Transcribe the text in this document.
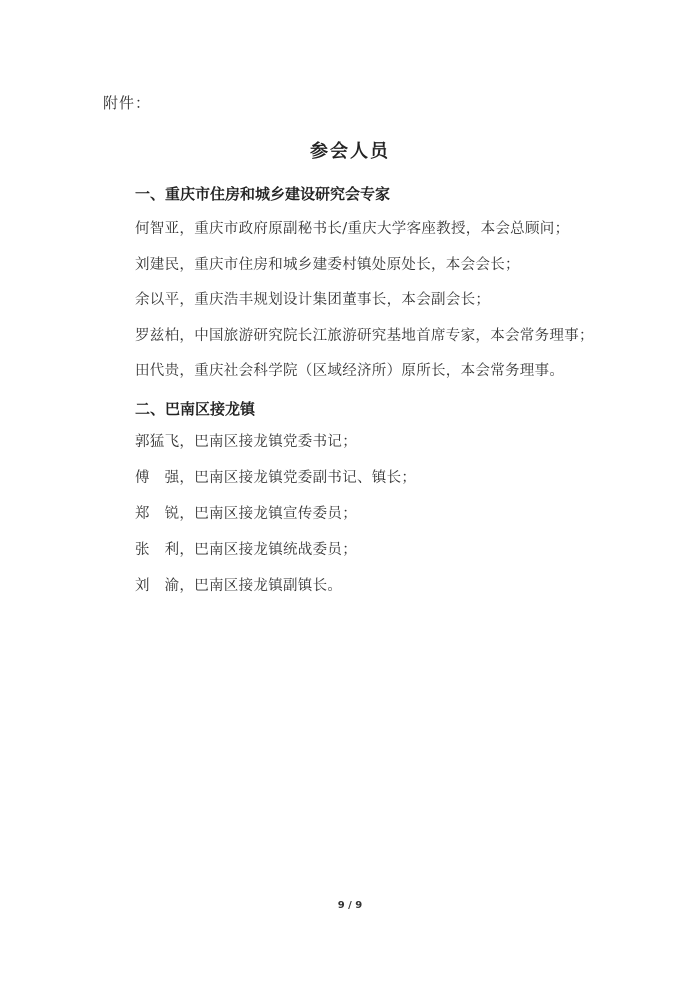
附件：
参会人员
一、重庆市住房和城乡建设研究会专家
何智亚，重庆市政府原副秘书长/重庆大学客座教授，本会总顾问；
刘建民，重庆市住房和城乡建委村镇处原处长，本会会长；
余以平，重庆浩丰规划设计集团董事长，本会副会长；
罗兹柏，中国旅游研究院长江旅游研究基地首席专家，本会常务理事；
田代贵，重庆社会科学院（区域经济所）原所长，本会常务理事。
二、巴南区接龙镇
郭猛飞，巴南区接龙镇党委书记；
傅　强，巴南区接龙镇党委副书记、镇长；
郑　锐，巴南区接龙镇宣传委员；
张　利，巴南区接龙镇统战委员；
刘　渝，巴南区接龙镇副镇长。
9 / 9
